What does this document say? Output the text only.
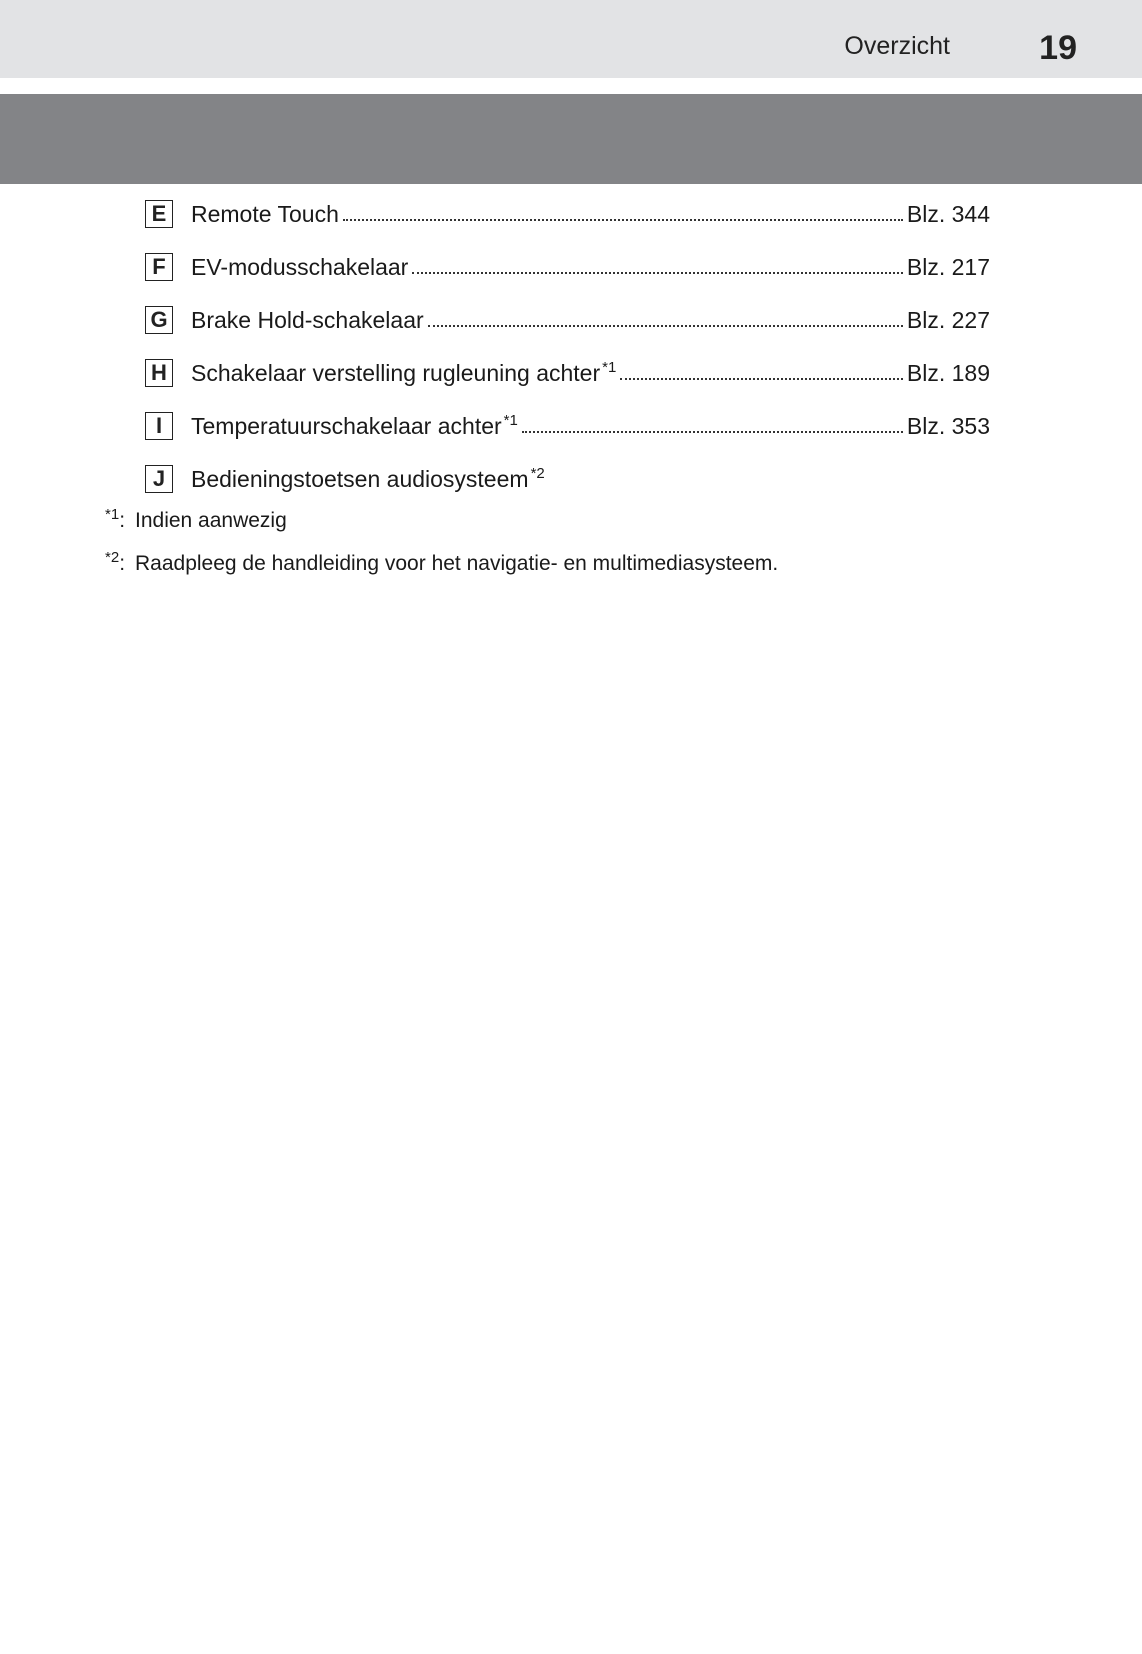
Overzicht	19
E Remote Touch	Blz. 344
F	EV-modusschakelaar	Blz. 217
G Brake Hold-schakelaar	Blz. 227
H Schakelaar verstelling rugleuning achter $^{*1}$	Blz. 189
I	Temperatuurschakelaar achter $^{*1}$	Blz. 353
J	Bedieningstoetsen audiosysteem $^{*2}$
$^{*1}$: Indien aanwezig
$^{*2}$: Raadpleeg de handleiding voor het navigatie- en multimediasysteem.
